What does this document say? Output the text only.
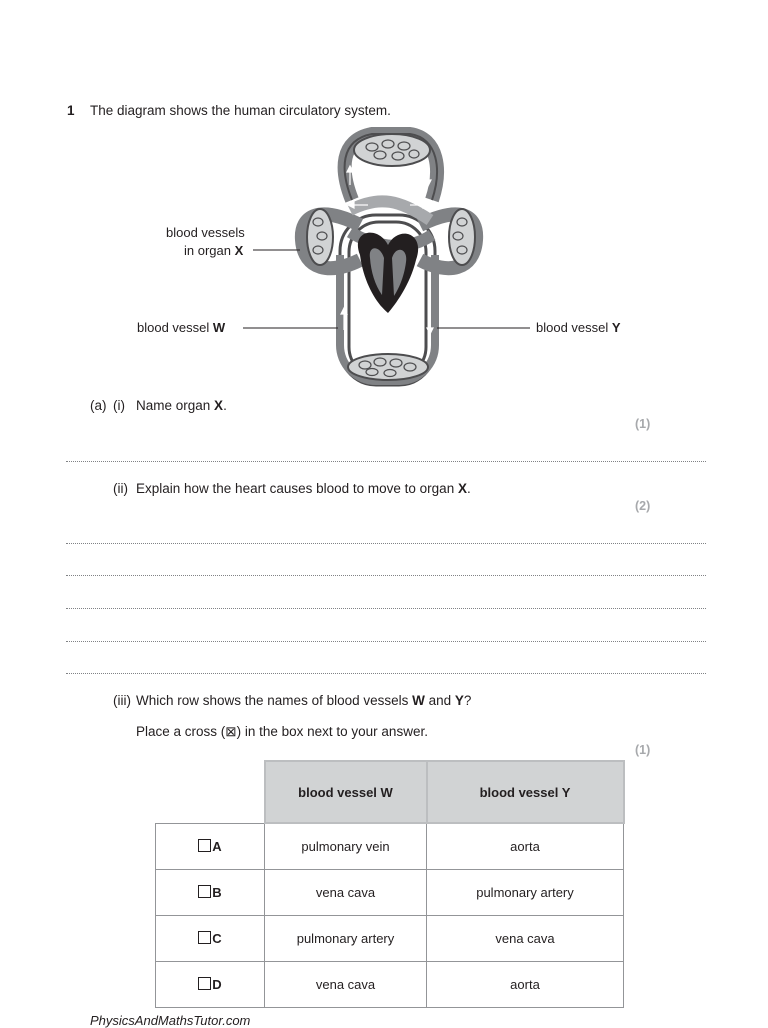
1 The diagram shows the human circulatory system.
blood vessels
in organ X
blood vessel W	blood vessel Y
(a) (i) Name organ X.
(1)
(ii) Explain how the heart causes blood to move to organ X.
(2)
(iii) Which row shows the names of blood vessels W and Y?
Place a cross (⊠) in the box next to your answer.
(1)
	blood vessel W	blood vessel Y
A	pulmonary vein	aorta
B	vena cava	pulmonary artery
C	pulmonary artery	vena cava
D	vena cava	aorta
PhysicsAndMathsTutor.com
